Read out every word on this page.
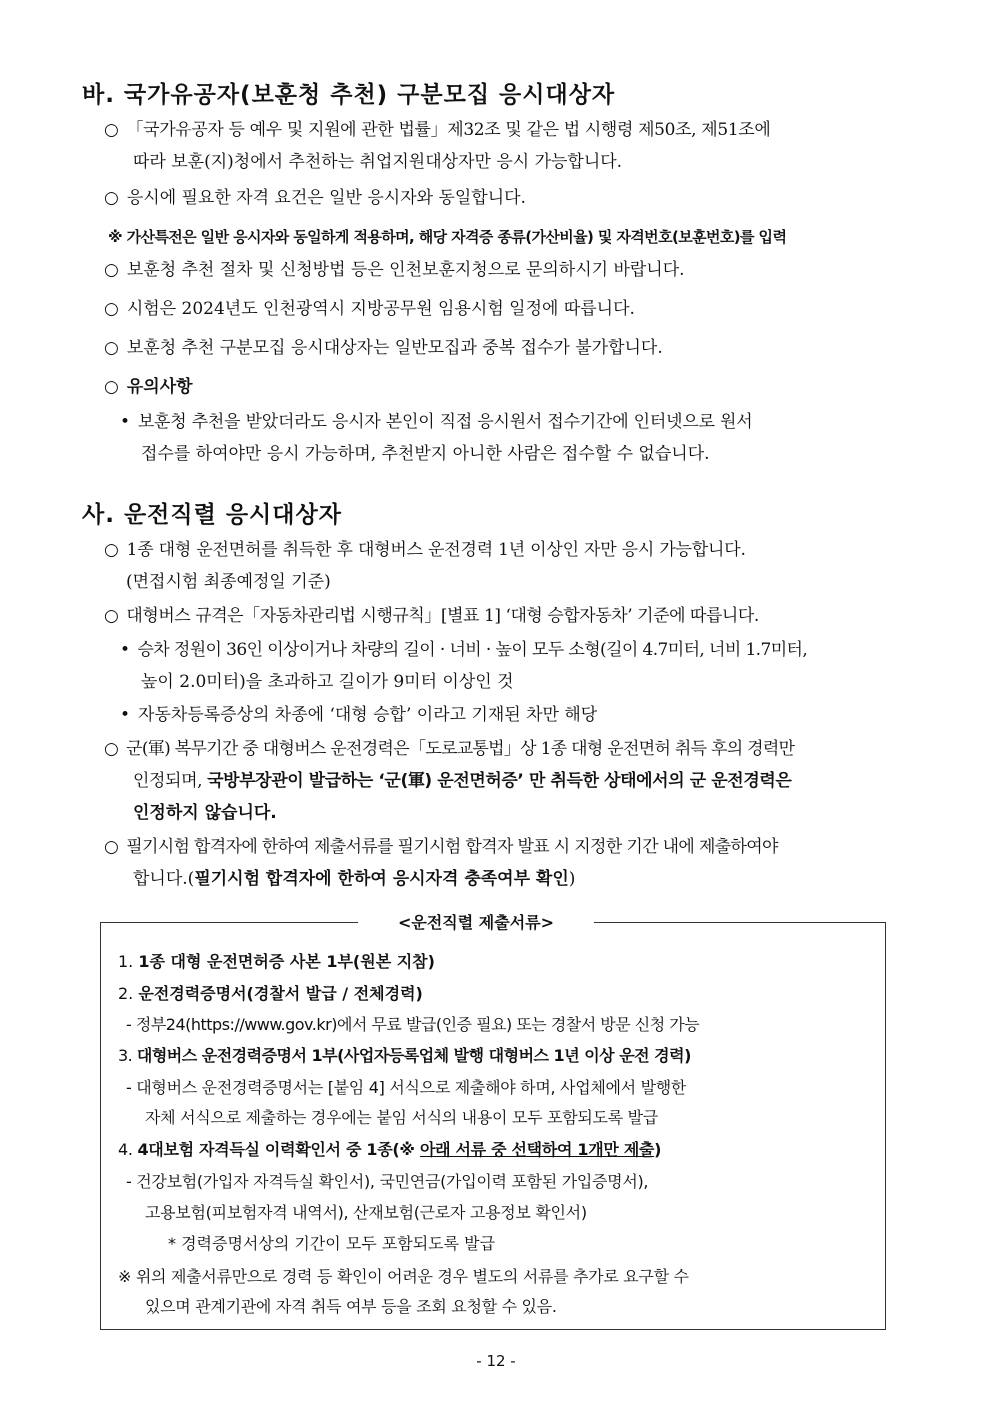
바. 국가유공자(보훈청 추천) 구분모집 응시대상자
○ 「국가유공자 등 예우 및 지원에 관한 법률」제32조 및 같은 법 시행령 제50조, 제51조에
따라 보훈(지)청에서 추천하는 취업지원대상자만 응시 가능합니다.
○ 응시에 필요한 자격 요건은 일반 응시자와 동일합니다.
※ 가산특전은 일반 응시자와 동일하게 적용하며, 해당 자격증 종류(가산비율) 및 자격번호(보훈번호)를 입력
○ 보훈청 추천 절차 및 신청방법 등은 인천보훈지청으로 문의하시기 바랍니다.
○ 시험은 2024년도 인천광역시 지방공무원 임용시험 일정에 따릅니다.
○ 보훈청 추천 구분모집 응시대상자는 일반모집과 중복 접수가 불가합니다.
○ 유의사항
• 보훈청 추천을 받았더라도 응시자 본인이 직접 응시원서 접수기간에 인터넷으로 원서
접수를 하여야만 응시 가능하며, 추천받지 아니한 사람은 접수할 수 없습니다.
사. 운전직렬 응시대상자
○ 1종 대형 운전면허를 취득한 후 대형버스 운전경력 1년 이상인 자만 응시 가능합니다.
(면접시험 최종예정일 기준)
○ 대형버스 규격은「자동차관리법 시행규칙」[별표 1] ‘대형 승합자동차’ 기준에 따릅니다.
• 승차 정원이 36인 이상이거나 차량의 길이 · 너비 · 높이 모두 소형(길이 4.7미터, 너비 1.7미터,
높이 2.0미터)을 초과하고 길이가 9미터 이상인 것
• 자동차등록증상의 차종에 ‘대형 승합’ 이라고 기재된 차만 해당
○ 군(軍) 복무기간 중 대형버스 운전경력은「도로교통법」상 1종 대형 운전면허 취득 후의 경력만
인정되며, 국방부장관이 발급하는 ‘군(軍) 운전면허증’ 만 취득한 상태에서의 군 운전경력은
인정하지 않습니다.
○ 필기시험 합격자에 한하여 제출서류를 필기시험 합격자 발표 시 지정한 기간 내에 제출하여야
합니다.(필기시험 합격자에 한하여 응시자격 충족여부 확인)
<운전직렬 제출서류>
1. 1종 대형 운전면허증 사본 1부(원본 지참)
2. 운전경력증명서(경찰서 발급 / 전체경력)
- 정부24(https://www.gov.kr)에서 무료 발급(인증 필요) 또는 경찰서 방문 신청 가능
3. 대형버스 운전경력증명서 1부(사업자등록업체 발행 대형버스 1년 이상 운전 경력)
- 대형버스 운전경력증명서는 [붙임 4] 서식으로 제출해야 하며, 사업체에서 발행한
자체 서식으로 제출하는 경우에는 붙임 서식의 내용이 모두 포함되도록 발급
4. 4대보험 자격득실 이력확인서 중 1종(※ 아래 서류 중 선택하여 1개만 제출)
- 건강보험(가입자 자격득실 확인서), 국민연금(가입이력 포함된 가입증명서),
고용보험(피보험자격 내역서), 산재보험(근로자 고용정보 확인서)
* 경력증명서상의 기간이 모두 포함되도록 발급
※ 위의 제출서류만으로 경력 등 확인이 어려운 경우 별도의 서류를 추가로 요구할 수
있으며 관계기관에 자격 취득 여부 등을 조회 요청할 수 있음.
- 12 -
